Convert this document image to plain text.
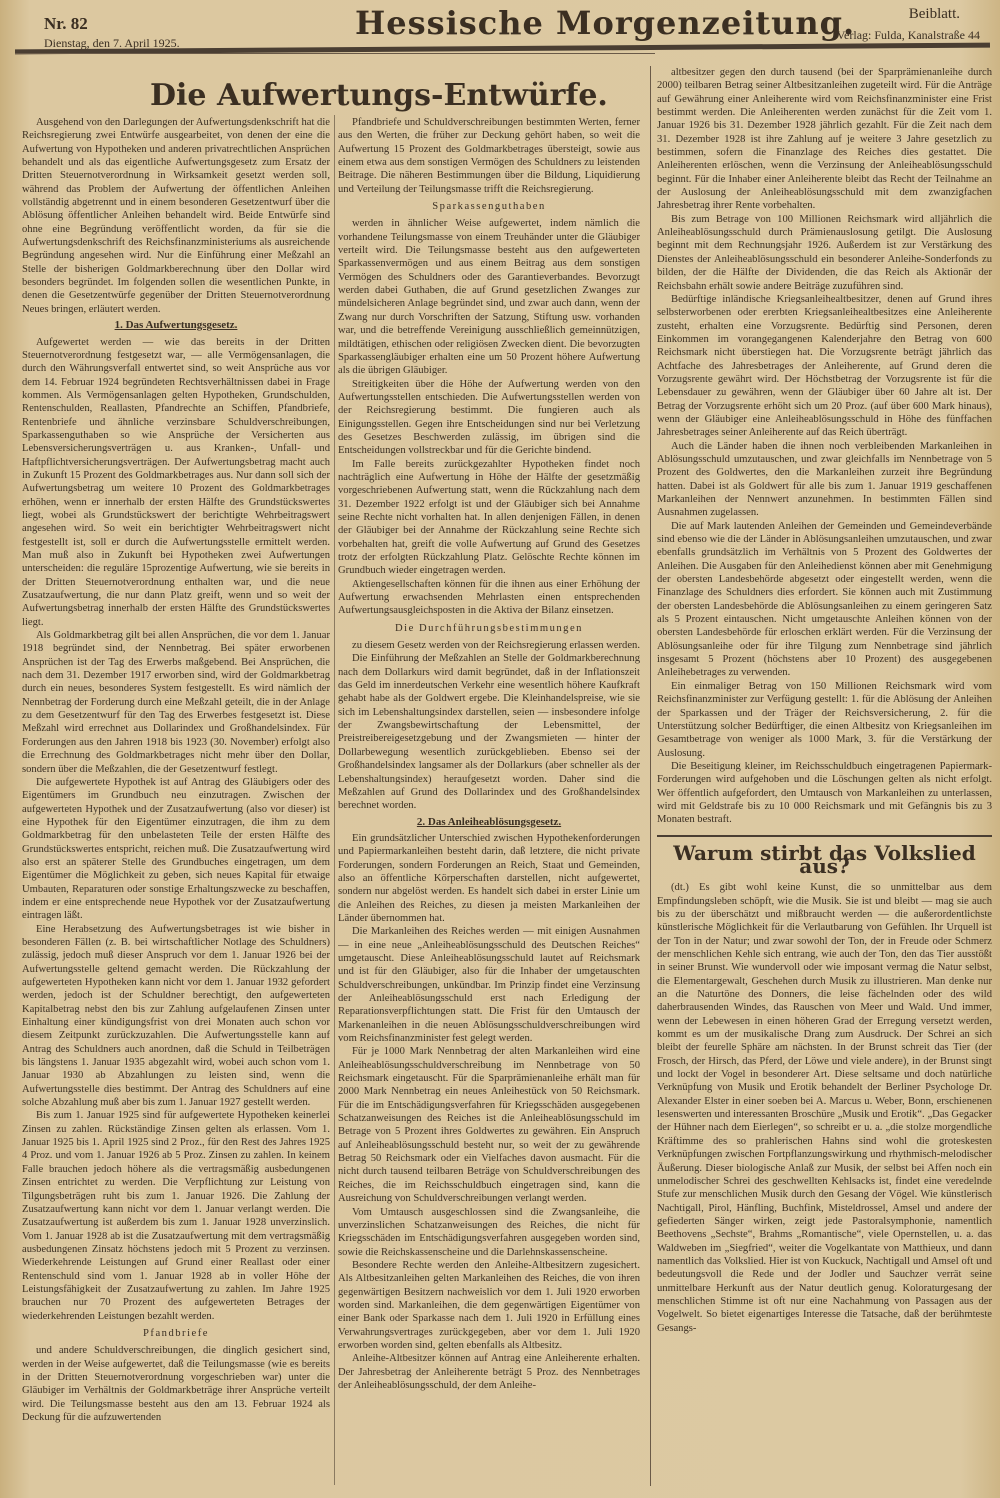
Nr. 82
Dienstag, den 7. April 1925.
Hessische Morgenzeitung.	Beiblatt.
Verlag: Fulda, Kanalstraße 44
Die Aufwertungs-Entwürfe.

Ausgehend von den Darlegungen der Aufwertungsdenkschrift hat die Reichsregierung zwei Entwürfe ausgearbeitet, von denen der eine die Aufwertung von Hypotheken und anderen privatrechtlichen Ansprüchen behandelt und als das eigentliche Aufwertungsgesetz zum Ersatz der Dritten Steuernotverordnung in Wirksamkeit gesetzt werden soll, während das Problem der Aufwertung der öffentlichen Anleihen vollständig abgetrennt und in einem besonderen Gesetzentwurf über die Ablösung öffentlicher Anleihen behandelt wird. Beide Entwürfe sind ohne eine Begründung veröffentlicht worden, da für sie die Aufwertungsdenkschrift des Reichsfinanzministeriums als ausreichende Begründung angesehen wird. Nur die Einführung einer Meßzahl an Stelle der bisherigen Goldmarkberechnung über den Dollar wird besonders begründet. Im folgenden sollen die wesentlichen Punkte, in denen die Gesetzentwürfe gegenüber der Dritten Steuernotverordnung Neues bringen, erläutert werden.

1. Das Aufwertungsgesetz.

Aufgewertet werden — wie das bereits in der Dritten Steuernotverordnung festgesetzt war, — alle Vermögensanlagen, die durch den Währungsverfall entwertet sind, so weit Ansprüche aus vor dem 14. Februar 1924 begründeten Rechtsverhältnissen dabei in Frage kommen. Als Vermögensanlagen gelten Hypotheken, Grundschulden, Rentenschulden, Reallasten, Pfandrechte an Schiffen, Pfandbriefe, Rentenbriefe und ähnliche verzinsbare Schuldverschreibungen, Sparkassenguthaben so wie Ansprüche der Versicherten aus Lebensversicherungsverträgen u. aus Kranken-, Unfall- und Haftpflichtversicherungsverträgen. Der Aufwertungsbetrag macht auch in Zukunft 15 Prozent des Goldmarkbetrages aus. Nur dann soll sich der Aufwertungsbetrag um weitere 10 Prozent des Goldmarkbetrages erhöhen, wenn er innerhalb der ersten Hälfte des Grundstückswertes liegt, wobei als Grundstückswert der berichtigte Wehrbeitragswert angesehen wird. So weit ein berichtigter Wehrbeitragswert nicht festgestellt ist, soll er durch die Aufwertungsstelle ermittelt werden. Man muß also in Zukunft bei Hypotheken zwei Aufwertungen unterscheiden: die reguläre 15prozentige Aufwertung, wie sie bereits in der Dritten Steuernotverordnung enthalten war, und die neue Zusatzaufwertung, die nur dann Platz greift, wenn und so weit der Aufwertungsbetrag innerhalb der ersten Hälfte des Grundstückswertes liegt.

Als Goldmarkbetrag gilt bei allen Ansprüchen, die vor dem 1. Januar 1918 begründet sind, der Nennbetrag. Bei später erworbenen Ansprüchen ist der Tag des Erwerbs maßgebend. Bei Ansprüchen, die nach dem 31. Dezember 1917 erworben sind, wird der Goldmarkbetrag durch ein neues, besonderes System festgestellt. Es wird nämlich der Nennbetrag der Forderung durch eine Meßzahl geteilt, die in der Anlage zu dem Gesetzentwurf für den Tag des Erwerbes festgesetzt ist. Diese Meßzahl wird errechnet aus Dollarindex und Großhandelsindex. Für Forderungen aus den Jahren 1918 bis 1923 (30. November) erfolgt also die Errechnung des Goldmarkbetrages nicht mehr über den Dollar, sondern über die Meßzahlen, die der Gesetzentwurf festlegt.

Die aufgewertete Hypothek ist auf Antrag des Gläubigers oder des Eigentümers im Grundbuch neu einzutragen. Zwischen der aufgewerteten Hypothek und der Zusatzaufwertung (also vor dieser) ist eine Hypothek für den Eigentümer einzutragen, die ihm zu dem Goldmarkbetrag für den unbelasteten Teile der ersten Hälfte des Grundstückswertes entspricht, reichen muß. Die Zusatzaufwertung wird also erst an späterer Stelle des Grundbuches eingetragen, um dem Eigentümer die Möglichkeit zu geben, sich neues Kapital für etwaige Umbauten, Reparaturen oder sonstige Erhaltungszwecke zu beschaffen, indem er eine entsprechende neue Hypothek vor der Zusatzaufwertung eintragen läßt.

Eine Herabsetzung des Aufwertungsbetrages ist wie bisher in besonderen Fällen (z. B. bei wirtschaftlicher Notlage des Schuldners) zulässig, jedoch muß dieser Anspruch vor dem 1. Januar 1926 bei der Aufwertungsstelle geltend gemacht werden. Die Rückzahlung der aufgewerteten Hypotheken kann nicht vor dem 1. Januar 1932 gefordert werden, jedoch ist der Schuldner berechtigt, den aufgewerteten Kapitalbetrag nebst den bis zur Zahlung aufgelaufenen Zinsen unter Einhaltung einer kündigungsfrist von drei Monaten auch schon vor diesem Zeitpunkt zurückzuzahlen. Die Aufwertungsstelle kann auf Antrag des Schuldners auch anordnen, daß die Schuld in Teilbeträgen bis längstens 1. Januar 1935 abgezahlt wird, wobei auch schon vom 1. Januar 1930 ab Abzahlungen zu leisten sind, wenn die Aufwertungsstelle dies bestimmt. Der Antrag des Schuldners auf eine solche Abzahlung muß aber bis zum 1. Januar 1927 gestellt werden.

Bis zum 1. Januar 1925 sind für aufgewertete Hypotheken keinerlei Zinsen zu zahlen. Rückständige Zinsen gelten als erlassen. Vom 1. Januar 1925 bis 1. April 1925 sind 2 Proz., für den Rest des Jahres 1925 4 Proz. und vom 1. Januar 1926 ab 5 Proz. Zinsen zu zahlen. In keinem Falle brauchen jedoch höhere als die vertragsmäßig ausbedungenen Zinsen entrichtet zu werden. Die Verpflichtung zur Leistung von Tilgungsbeträgen ruht bis zum 1. Januar 1926. Die Zahlung der Zusatzaufwertung kann nicht vor dem 1. Januar verlangt werden. Die Zusatzaufwertung ist außerdem bis zum 1. Januar 1928 unverzinslich. Vom 1. Januar 1928 ab ist die Zusatzaufwertung mit dem vertragsmäßig ausbedungenen Zinsatz höchstens jedoch mit 5 Prozent zu verzinsen. Wiederkehrende Leistungen auf Grund einer Reallast oder einer Rentenschuld sind vom 1. Januar 1928 ab in voller Höhe der Leistungsfähigkeit der Zusatzaufwertung zu zahlen. Im Jahre 1925 brauchen nur 70 Prozent des aufgewerteten Betrages der wiederkehrenden Leistungen bezahlt werden.

Pfandbriefe

und andere Schuldverschreibungen, die dinglich gesichert sind, werden in der Weise aufgewertet, daß die Teilungsmasse (wie es bereits in der Dritten Steuernotverordnung vorgeschrieben war) unter die Gläubiger im Verhältnis der Goldmarkbeträge ihrer Ansprüche verteilt wird. Die Teilungsmasse besteht aus den am 13. Februar 1924 als Deckung für die aufzuwertenden

Pfandbriefe und Schuldverschreibungen bestimmten Werten, ferner aus den Werten, die früher zur Deckung gehört haben, so weit die Aufwertung 15 Prozent des Goldmarkbetrages übersteigt, sowie aus einem etwa aus dem sonstigen Vermögen des Schuldners zu leistenden Beitrage. Die näheren Bestimmungen über die Bildung, Liquidierung und Verteilung der Teilungsmasse trifft die Reichsregierung.

Sparkassenguthaben

werden in ähnlicher Weise aufgewertet, indem nämlich die vorhandene Teilungsmasse von einem Treuhänder unter die Gläubiger verteilt wird. Die Teilungsmasse besteht aus den aufgewerteten Sparkassenvermögen und aus einem Beitrag aus dem sonstigen Vermögen des Schuldners oder des Garantieverbandes. Bevorzugt werden dabei Guthaben, die auf Grund gesetzlichen Zwanges zur mündelsicheren Anlage begründet sind, und zwar auch dann, wenn der Zwang nur durch Vorschriften der Satzung, Stiftung usw. vorhanden war, und die betreffende Vereinigung ausschließlich gemeinnützigen, mildtätigen, ethischen oder religiösen Zwecken dient. Die bevorzugten Sparkassengläubiger erhalten eine um 50 Prozent höhere Aufwertung als die übrigen Gläubiger.

Streitigkeiten über die Höhe der Aufwertung werden von den Aufwertungsstellen entschieden. Die Aufwertungsstellen werden von der Reichsregierung bestimmt. Die fungieren auch als Einigungsstellen. Gegen ihre Entscheidungen sind nur bei Verletzung des Gesetzes Beschwerden zulässig, im übrigen sind die Entscheidungen vollstreckbar und für die Gerichte bindend.

Im Falle bereits zurückgezahlter Hypotheken findet noch nachträglich eine Aufwertung in Höhe der Hälfte der gesetzmäßig vorgeschriebenen Aufwertung statt, wenn die Rückzahlung nach dem 31. Dezember 1922 erfolgt ist und der Gläubiger sich bei Annahme seine Rechte nicht vorhalten hat. In allen denjenigen Fällen, in denen der Gläubiger bei der Annahme der Rückzahlung seine Rechte sich vorbehalten hat, greift die volle Aufwertung auf Grund des Gesetzes trotz der erfolgten Rückzahlung Platz. Gelöschte Rechte können im Grundbuch wieder eingetragen werden.

Aktiengesellschaften können für die ihnen aus einer Erhöhung der Aufwertung erwachsenden Mehrlasten einen entsprechenden Aufwertungsausgleichsposten in die Aktiva der Bilanz einsetzen.

Die Durchführungsbestimmungen

zu diesem Gesetz werden von der Reichsregierung erlassen werden.

Die Einführung der Meßzahlen an Stelle der Goldmarkberechnung nach dem Dollarkurs wird damit begründet, daß in der Inflationszeit das Geld im innerdeutschen Verkehr eine wesentlich höhere Kaufkraft gehabt habe als der Goldwert ergebe. Die Kleinhandelspreise, wie sie sich im Lebenshaltungsindex darstellen, seien — insbesondere infolge der Zwangsbewirtschaftung der Lebensmittel, der Preistreibereigesetzgebung und der Zwangsmieten — hinter der Dollarbewegung wesentlich zurückgeblieben. Ebenso sei der Großhandelsindex langsamer als der Dollarkurs (aber schneller als der Lebenshaltungsindex) heraufgesetzt worden. Daher sind die Meßzahlen auf Grund des Dollarindex und des Großhandelsindex berechnet worden.

2. Das Anleiheablösungsgesetz.

Ein grundsätzlicher Unterschied zwischen Hypothekenforderungen und Papiermarkanleihen besteht darin, daß letztere, die nicht private Forderungen, sondern Forderungen an Reich, Staat und Gemeinden, also an öffentliche Körperschaften darstellen, nicht aufgewertet, sondern nur abgelöst werden. Es handelt sich dabei in erster Linie um die Anleihen des Reiches, zu diesen ja meisten Markanleihen der Länder übernommen hat.

Die Markanleihen des Reiches werden — mit einigen Ausnahmen — in eine neue „Anleiheablösungsschuld des Deutschen Reiches“ umgetauscht. Diese Anleiheablösungsschuld lautet auf Reichsmark und ist für den Gläubiger, also für die Inhaber der umgetauschten Schuldverschreibungen, unkündbar. Im Prinzip findet eine Verzinsung der Anleiheablösungsschuld erst nach Erledigung der Reparationsverpflichtungen statt. Die Frist für den Umtausch der Markenanleihen in die neuen Ablösungsschuldverschreibungen wird vom Reichsfinanzminister fest gelegt werden.

Für je 1000 Mark Nennbetrag der alten Markanleihen wird eine Anleiheablösungsschuldverschreibung im Nennbetrage von 50 Reichsmark eingetauscht. Für die Sparprämienanleihe erhält man für 2000 Mark Nennbetrag ein neues Anleihestück von 50 Reichsmark. Für die im Entschädigungsverfahren für Kriegsschäden ausgegebenen Schatzanweisungen des Reiches ist die Anleiheablösungsschuld im Betrage von 5 Prozent ihres Goldwertes zu gewähren. Ein Anspruch auf Anleiheablösungsschuld besteht nur, so weit der zu gewährende Betrag 50 Reichsmark oder ein Vielfaches davon ausmacht. Für die nicht durch tausend teilbaren Beträge von Schuldverschreibungen des Reiches, die im Reichsschuldbuch eingetragen sind, kann die Ausreichung von Schuldverschreibungen verlangt werden.

Vom Umtausch ausgeschlossen sind die Zwangsanleihe, die unverzinslichen Schatzanweisungen des Reiches, die nicht für Kriegsschäden im Entschädigungsverfahren ausgegeben worden sind, sowie die Reichskassenscheine und die Darlehnskassenscheine.

Besondere Rechte werden den Anleihe-Altbesitzern zugesichert. Als Altbesitzanleihen gelten Markanleihen des Reiches, die von ihren gegenwärtigen Besitzern nachweislich vor dem 1. Juli 1920 erworben worden sind. Markanleihen, die dem gegenwärtigen Eigentümer von einer Bank oder Sparkasse nach dem 1. Juli 1920 in Erfüllung eines Verwahrungsvertrages zurückgegeben, aber vor dem 1. Juli 1920 erworben worden sind, gelten ebenfalls als Altbesitz.

Anleihe-Altbesitzer können auf Antrag eine Anleiherente erhalten. Der Jahresbetrag der Anleiherente beträgt 5 Proz. des Nennbetrages der Anleiheablösungsschuld, der dem Anleihe-

altbesitzer gegen den durch tausend (bei der Sparprämienanleihe durch 2000) teilbaren Betrag seiner Altbesitzanleihen zugeteilt wird. Für die Anträge auf Gewährung einer Anleiherente wird vom Reichsfinanzminister eine Frist bestimmt werden. Die Anleiherenten werden zunächst für die Zeit vom 1. Januar 1926 bis 31. Dezember 1928 jährlich gezahlt. Für die Zeit nach dem 31. Dezember 1928 ist ihre Zahlung auf je weitere 3 Jahre gesetzlich zu bestimmen, sofern die Finanzlage des Reiches dies gestattet. Die Anleiherenten erlöschen, wenn die Verzinsung der Anleiheablösungsschuld beginnt. Für die Inhaber einer Anleiherente bleibt das Recht der Teilnahme an der Auslosung der Anleiheablösungsschuld mit dem zwanzigfachen Jahresbetrag ihrer Rente vorbehalten.

Bis zum Betrage von 100 Millionen Reichsmark wird alljährlich die Anleiheablösungsschuld durch Prämienauslosung getilgt. Die Auslosung beginnt mit dem Rechnungsjahr 1926. Außerdem ist zur Verstärkung des Dienstes der Anleiheablösungsschuld ein besonderer Anleihe-Sonderfonds zu bilden, der die Hälfte der Dividenden, die das Reich als Aktionär der Reichsbahn erhält sowie andere Beiträge zuzuführen sind.

Bedürftige inländische Kriegsanleihealtbesitzer, denen auf Grund ihres selbsterworbenen oder ererbten Kriegsanleihealtbesitzes eine Anleiherente zusteht, erhalten eine Vorzugsrente. Bedürftig sind Personen, deren Einkommen im vorangegangenen Kalenderjahre den Betrag von 600 Reichsmark nicht überstiegen hat. Die Vorzugsrente beträgt jährlich das Achtfache des Jahresbetrages der Anleiherente, auf Grund deren die Vorzugsrente gewährt wird. Der Höchstbetrag der Vorzugsrente ist für die Lebensdauer zu gewähren, wenn der Gläubiger über 60 Jahre alt ist. Der Betrag der Vorzugsrente erhöht sich um 20 Proz. (auf über 600 Mark hinaus), wenn der Gläubiger eine Anleiheablösungsschuld in Höhe des fünffachen Jahresbetrages seiner Anleiherente auf das Reich überträgt.

Auch die Länder haben die ihnen noch verbleibenden Markanleihen in Ablösungsschuld umzutauschen, und zwar gleichfalls im Nennbetrage von 5 Prozent des Goldwertes, den die Markanleihen zurzeit ihre Begründung hatten. Dabei ist als Goldwert für alle bis zum 1. Januar 1919 geschaffenen Markanleihen der Nennwert anzunehmen. In bestimmten Fällen sind Ausnahmen zugelassen.

Die auf Mark lautenden Anleihen der Gemeinden und Gemeindeverbände sind ebenso wie die der Länder in Ablösungsanleihen umzutauschen, und zwar ebenfalls grundsätzlich im Verhältnis von 5 Prozent des Goldwertes der Anleihen. Die Ausgaben für den Anleihedienst können aber mit Genehmigung der obersten Landesbehörde abgesetzt oder eingestellt werden, wenn die Finanzlage des Schuldners dies erfordert. Sie können auch mit Zustimmung der obersten Landesbehörde die Ablösungsanleihen zu einem geringeren Satz als 5 Prozent eintauschen. Nicht umgetauschte Anleihen können von der obersten Landesbehörde für erloschen erklärt werden. Für die Verzinsung der Ablösungsanleihe oder für ihre Tilgung zum Nennbetrage sind jährlich insgesamt 5 Prozent (höchstens aber 10 Prozent) des ausgegebenen Anleihebetrages zu verwenden.

Ein einmaliger Betrag von 150 Millionen Reichsmark wird vom Reichsfinanzminister zur Verfügung gestellt: 1. für die Ablösung der Anleihen der Sparkassen und der Träger der Reichsversicherung, 2. für die Unterstützung solcher Bedürftiger, die einen Altbesitz von Kriegsanleihen im Gesamtbetrage von weniger als 1000 Mark, 3. für die Verstärkung der Auslosung.

Die Beseitigung kleiner, im Reichsschuldbuch eingetragenen Papiermark-Forderungen wird aufgehoben und die Löschungen gelten als nicht erfolgt. Wer öffentlich aufgefordert, den Umtausch von Markanleihen zu unterlassen, wird mit Geldstrafe bis zu 10 000 Reichsmark und mit Gefängnis bis zu 3 Monaten bestraft.

Warum stirbt das Volkslied aus?

(dt.) Es gibt wohl keine Kunst, die so unmittelbar aus dem Empfindungsleben schöpft, wie die Musik. Sie ist und bleibt — mag sie auch bis zu der überschätzt und mißbraucht werden — die außerordentlichste künstlerische Möglichkeit für die Verlautbarung von Gefühlen. Ihr Urquell ist der Ton in der Natur; und zwar sowohl der Ton, der in Freude oder Schmerz der menschlichen Kehle sich entrang, wie auch der Ton, den das Tier ausstößt in seiner Brunst. Wie wundervoll oder wie imposant vermag die Natur selbst, die Elementargewalt, Geschehen durch Musik zu illustrieren. Man denke nur an die Naturtöne des Donners, die leise fächelnden oder des wild daherbrausenden Windes, das Rauschen von Meer und Wald. Und immer, wenn der Lebewesen in einen höheren Grad der Erregung versetzt werden, kommt es um der musikalische Drang zum Ausdruck. Der Schrei an sich bleibt der feurelle Sphäre am nächsten. In der Brunst schreit das Tier (der Frosch, der Hirsch, das Pferd, der Löwe und viele andere), in der Brunst singt und lockt der Vogel in besonderer Art. Diese seltsame und doch natürliche Verknüpfung von Musik und Erotik behandelt der Berliner Psychologe Dr. Alexander Elster in einer soeben bei A. Marcus u. Weber, Bonn, erschienenen lesenswerten und interessanten Broschüre „Musik und Erotik“. „Das Gegacker der Hühner nach dem Eierlegen“, so schreibt er u. a. „die stolze morgendliche Kräftimme des so prahlerischen Hahns sind wohl die groteskesten Verknüpfungen zwischen Fortpflanzungswirkung und rhythmisch-melodischer Äußerung. Dieser biologische Anlaß zur Musik, der selbst bei Affen noch ein unmelodischer Schrei des geschwellten Kehlsacks ist, findet eine veredelnde Stufe zur menschlichen Musik durch den Gesang der Vögel. Wie künstlerisch Nachtigall, Pirol, Hänfling, Buchfink, Misteldrossel, Amsel und andere der gefiederten Sänger wirken, zeigt jede Pastoralsymphonie, namentlich Beethovens „Sechste“, Brahms „Romantische“, viele Opernstellen, u. a. das Waldweben im „Siegfried“, weiter die Vogelkantate von Matthieux, und dann namentlich das Volkslied. Hier ist von Kuckuck, Nachtigall und Amsel oft und bedeutungsvoll die Rede und der Jodler und Sauchzer verrät seine unmittelbare Herkunft aus der Natur deutlich genug. Koloraturgesang der menschlichen Stimme ist oft nur eine Nachahmung von Passagen aus der Vogelwelt. So bietet eigenartiges Interesse die Tatsache, daß der berühmteste Gesangs-
